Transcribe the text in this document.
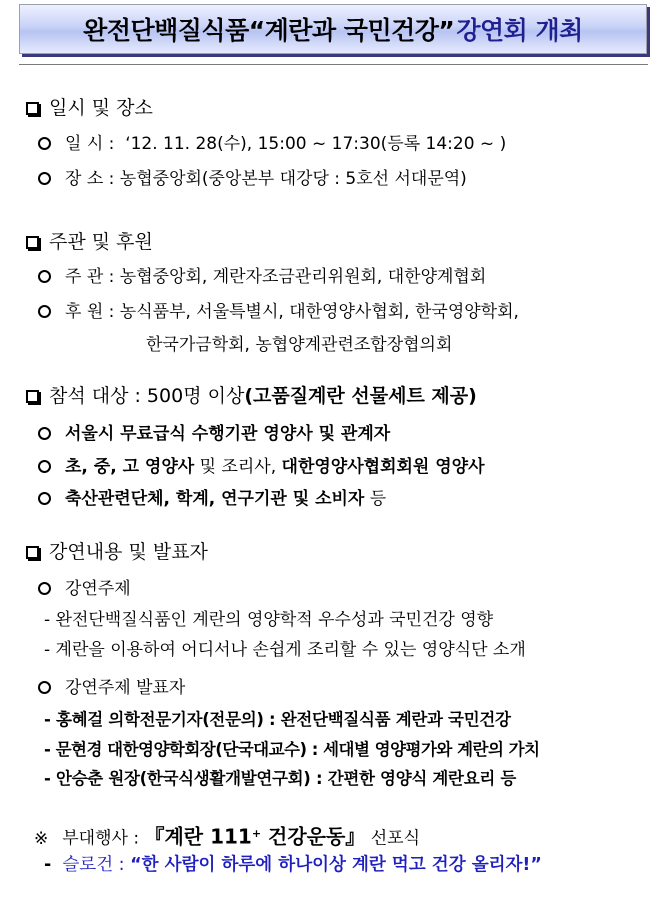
완전단백질식품“계란과 국민건강” 강연회 개최
일시 및 장소
일 시 : ‘12. 11. 28(수), 15:00 ~ 17:30(등록 14:20 ~ )
장 소 : 농협중앙회(중앙본부 대강당 : 5호선 서대문역)
주관 및 후원
주 관 : 농협중앙회, 계란자조금관리위원회, 대한양계협회
후 원 : 농식품부, 서울특별시, 대한영양사협회, 한국영양학회,
한국가금학회, 농협양계관련조합장협의회
참석 대상 : 500명 이상(고품질계란 선물세트 제공)
서울시 무료급식 수행기관 영양사 및 관계자
초, 중, 고 영양사 및 조리사, 대한영양사협회회원 영양사
축산관련단체, 학계, 연구기관 및 소비자 등
강연내용 및 발표자
강연주제
- 완전단백질식품인 계란의 영양학적 우수성과 국민건강 영향
- 계란을 이용하여 어디서나 손쉽게 조리할 수 있는 영양식단 소개
강연주제 발표자
- 홍혜걸 의학전문기자(전문의) : 완전단백질식품 계란과 국민건강
- 문현경 대한영양학회장(단국대교수) : 세대별 영양평가와 계란의 가치
- 안승춘 원장(한국식생활개발연구회) : 간편한 영양식 계란요리 등
※ 부대행사 : 『계란 111+ 건강운동』 선포식
- 슬로건 : “한 사람이 하루에 하나이상 계란 먹고 건강 올리자!”
